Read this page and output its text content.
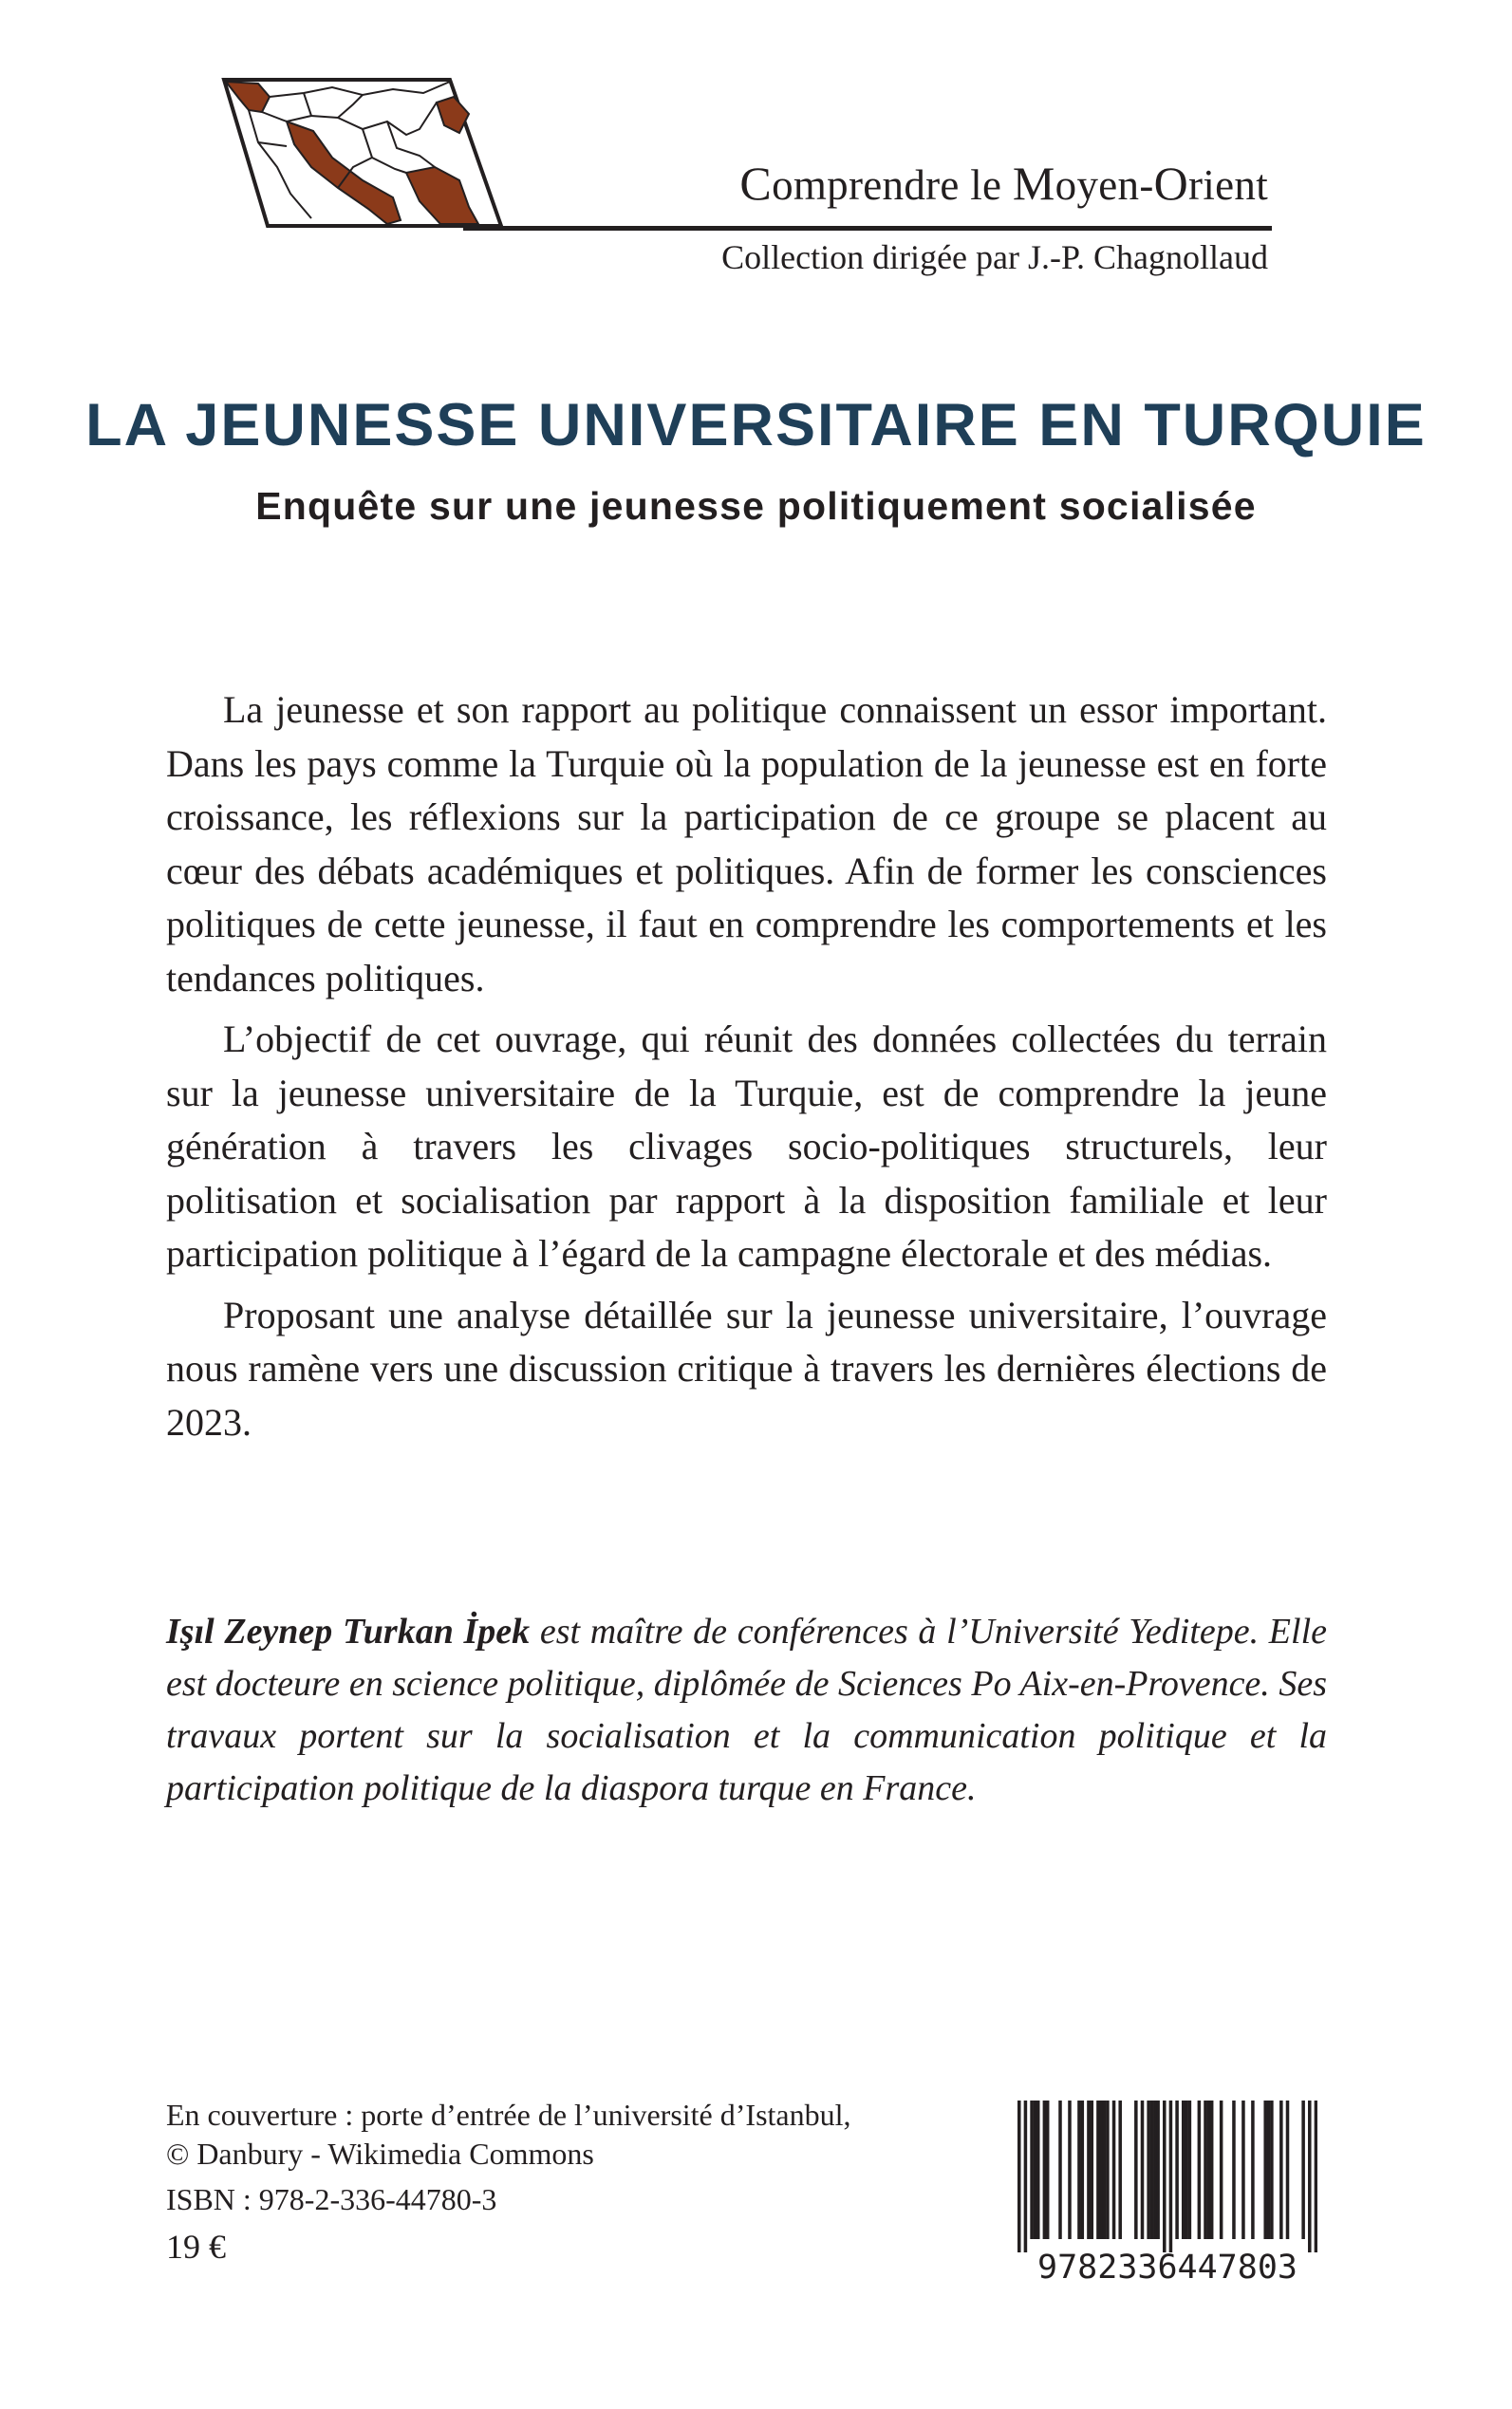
Comprendre le Moyen-Orient
Collection dirigée par J.-P. Chagnollaud
LA JEUNESSE UNIVERSITAIRE EN TURQUIE
Enquête sur une jeunesse politiquement socialisée

La jeunesse et son rapport au politique connaissent un essor important. Dans les pays comme la Turquie où la population de la jeunesse est en forte croissance, les réflexions sur la participation de ce groupe se placent au cœur des débats académiques et politiques. Afin de former les consciences politiques de cette jeunesse, il faut en comprendre les comportements et les tendances politiques.

L’objectif de cet ouvrage, qui réunit des données collectées du terrain sur la jeunesse universitaire de la Turquie, est de comprendre la jeune génération à travers les clivages socio-politiques structurels, leur politisation et socialisation par rapport à la disposition familiale et leur participation politique à l’égard de la campagne électorale et des médias.

Proposant une analyse détaillée sur la jeunesse universitaire, l’ouvrage nous ramène vers une discussion critique à travers les dernières élections de 2023.

Işıl Zeynep Turkan İpek est maître de conférences à l’Université Yeditepe. Elle est docteure en science politique, diplômée de Sciences Po Aix-en-Provence. Ses travaux portent sur la socialisation et la communication politique et la participation politique de la diaspora turque en France.
En couverture : porte d’entrée de l’université d’Istanbul,
© Danbury - Wikimedia Commons
ISBN : 978-2-336-44780-3
19 €
9782336447803
